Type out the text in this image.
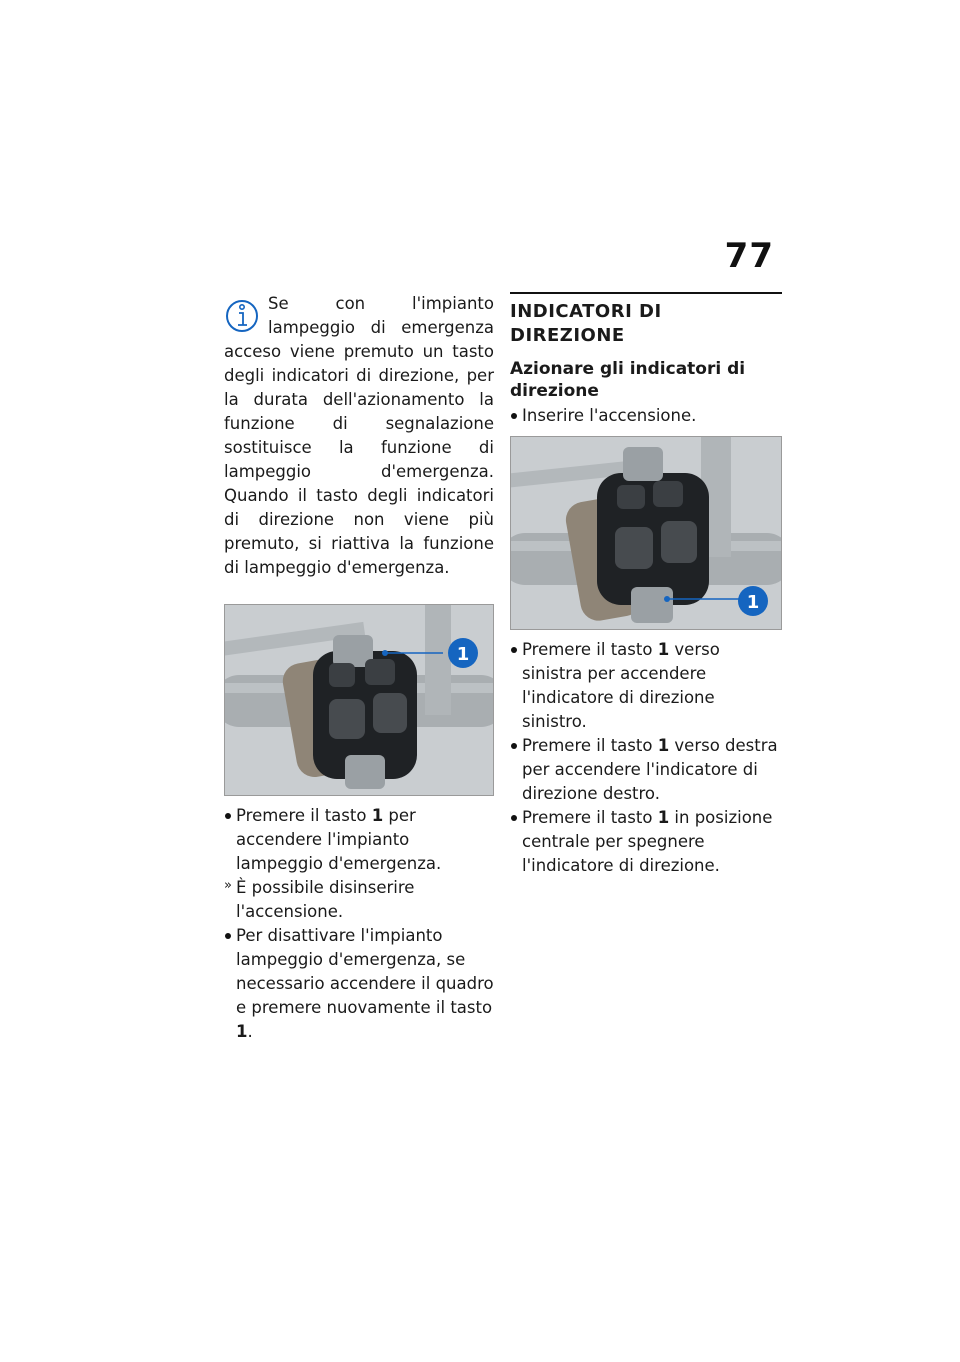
77

Se con l'impianto lampeggio di emergenza acceso viene premuto un tasto degli indicatori di direzione, per la durata dell'azionamento la funzione di segnalazione sostituisce la funzione di lampeggio d'emergenza. Quando il tasto degli indicatori di direzione non viene più premuto, si riattiva la funzione di lampeggio d'emergenza.

1
Premere il tasto 1 per accendere l'impianto lampeggio d'emergenza.
» È possibile disinserire l'accensione.
Per disattivare l'impianto lampeggio d'emergenza, se necessario accendere il quadro e premere nuovamente il tasto 1.
INDICATORI DI DIREZIONE
Azionare gli indicatori di direzione
Inserire l'accensione.
1
Premere il tasto 1 verso sinistra per accendere l'indicatore di direzione sinistro.
Premere il tasto 1 verso destra per accendere l'indicatore di direzione destro.
Premere il tasto 1 in posizione centrale per spegnere l'indicatore di direzione.
